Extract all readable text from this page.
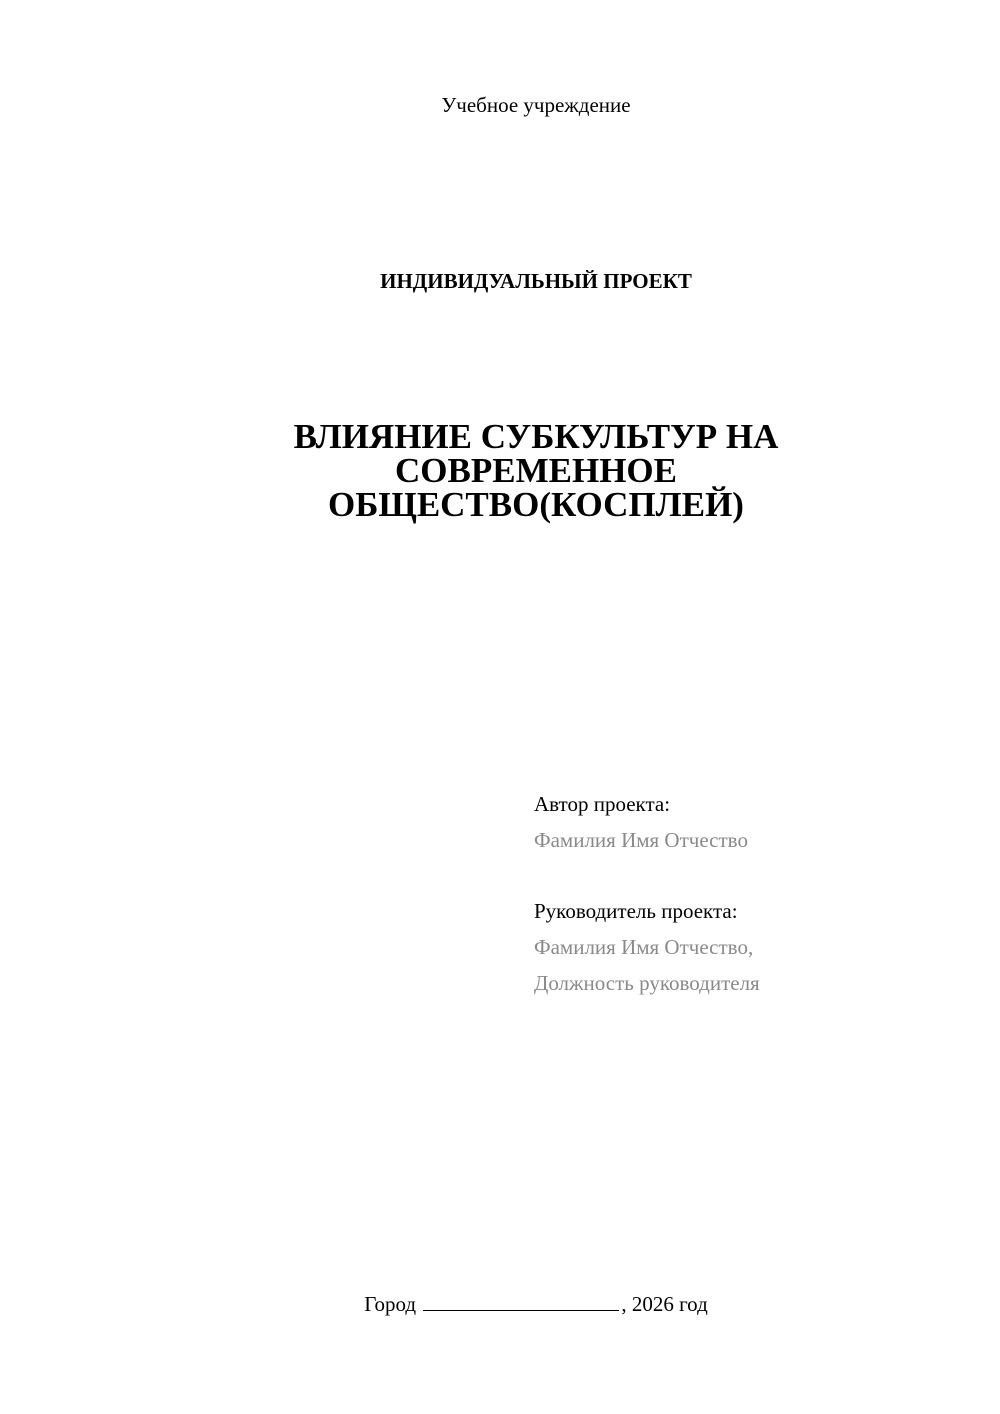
Учебное учреждение
ИНДИВИДУАЛЬНЫЙ ПРОЕКТ
ВЛИЯНИЕ СУБКУЛЬТУР НА
СОВРЕМЕННОЕ
ОБЩЕСТВО(КОСПЛЕЙ)
Автор проекта:
Фамилия Имя Отчество
Руководитель проекта:
Фамилия Имя Отчество,
Должность руководителя
Город	, 2026 год
